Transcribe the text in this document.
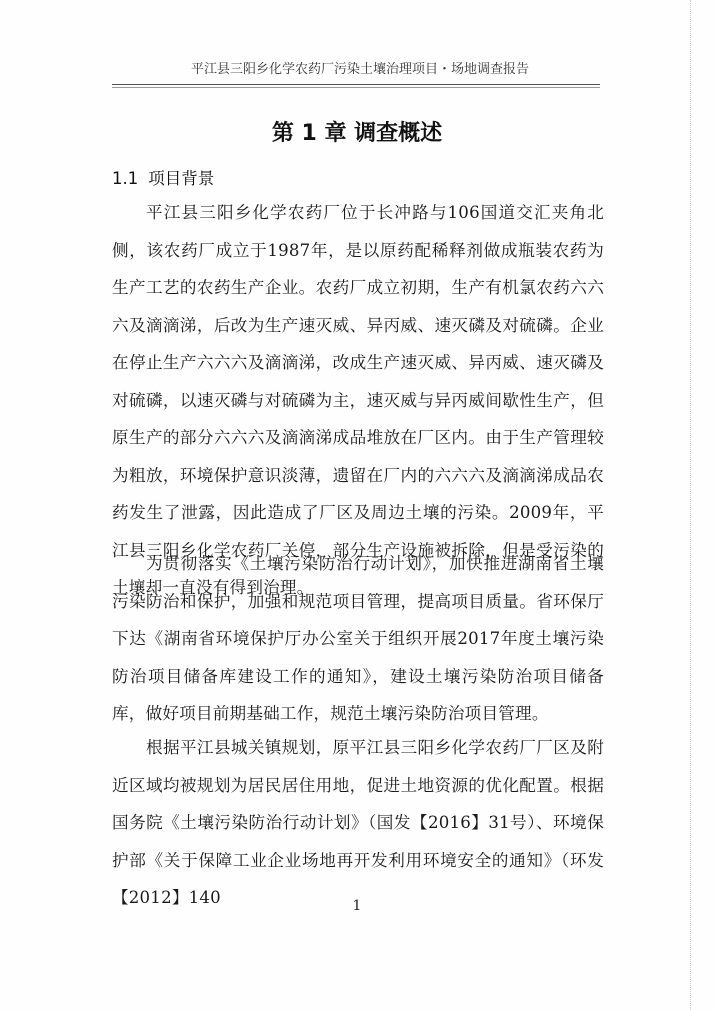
平江县三阳乡化学农药厂污染土壤治理项目・场地调查报告
第 1 章 调查概述
1.1 项目背景

平江县三阳乡化学农药厂位于长冲路与106国道交汇夹角北侧，该农药厂成立于1987年，是以原药配稀释剂做成瓶装农药为生产工艺的农药生产企业。农药厂成立初期，生产有机氯农药六六六及滴滴涕，后改为生产速灭威、异丙威、速灭磷及对硫磷。企业在停止生产六六六及滴滴涕，改成生产速灭威、异丙威、速灭磷及对硫磷，以速灭磷与对硫磷为主，速灭威与异丙威间歇性生产，但原生产的部分六六六及滴滴涕成品堆放在厂区内。由于生产管理较为粗放，环境保护意识淡薄，遗留在厂内的六六六及滴滴涕成品农药发生了泄露，因此造成了厂区及周边土壤的污染。2009年，平江县三阳乡化学农药厂关停，部分生产设施被拆除，但是受污染的土壤却一直没有得到治理。

为贯彻落实《土壤污染防治行动计划》，加快推进湖南省土壤污染防治和保护，加强和规范项目管理，提高项目质量。省环保厅下达《湖南省环境保护厅办公室关于组织开展2017年度土壤污染防治项目储备库建设工作的通知》，建设土壤污染防治项目储备库，做好项目前期基础工作，规范土壤污染防治项目管理。

根据平江县城关镇规划，原平江县三阳乡化学农药厂厂区及附近区域均被规划为居民居住用地，促进土地资源的优化配置。根据国务院《土壤污染防治行动计划》（国发【2016】31号）、环境保护部《关于保障工业企业场地再开发利用环境安全的通知》（环发【2012】140	1
